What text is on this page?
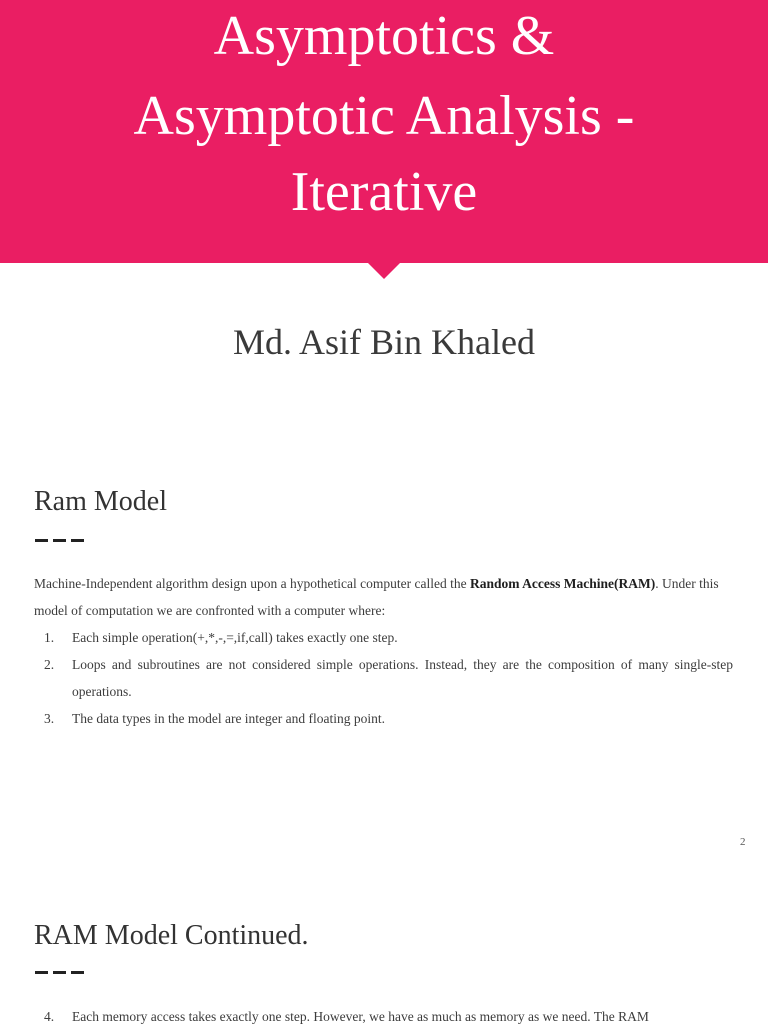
Asymptotics &
Asymptotic Analysis -
Iterative
Md. Asif Bin Khaled
Ram Model
Machine-Independent algorithm design upon a hypothetical computer called the Random Access Machine(RAM). Under this model of computation we are confronted with a computer where:
1. Each simple operation(+,*,-,=,if,call) takes exactly one step.
2. Loops and subroutines are not considered simple operations. Instead, they are the composition of many single-step operations.
3. The data types in the model are integer and floating point.
2
RAM Model Continued.
4. Each memory access takes exactly one step. However, we have as much as memory as we need. The RAM
